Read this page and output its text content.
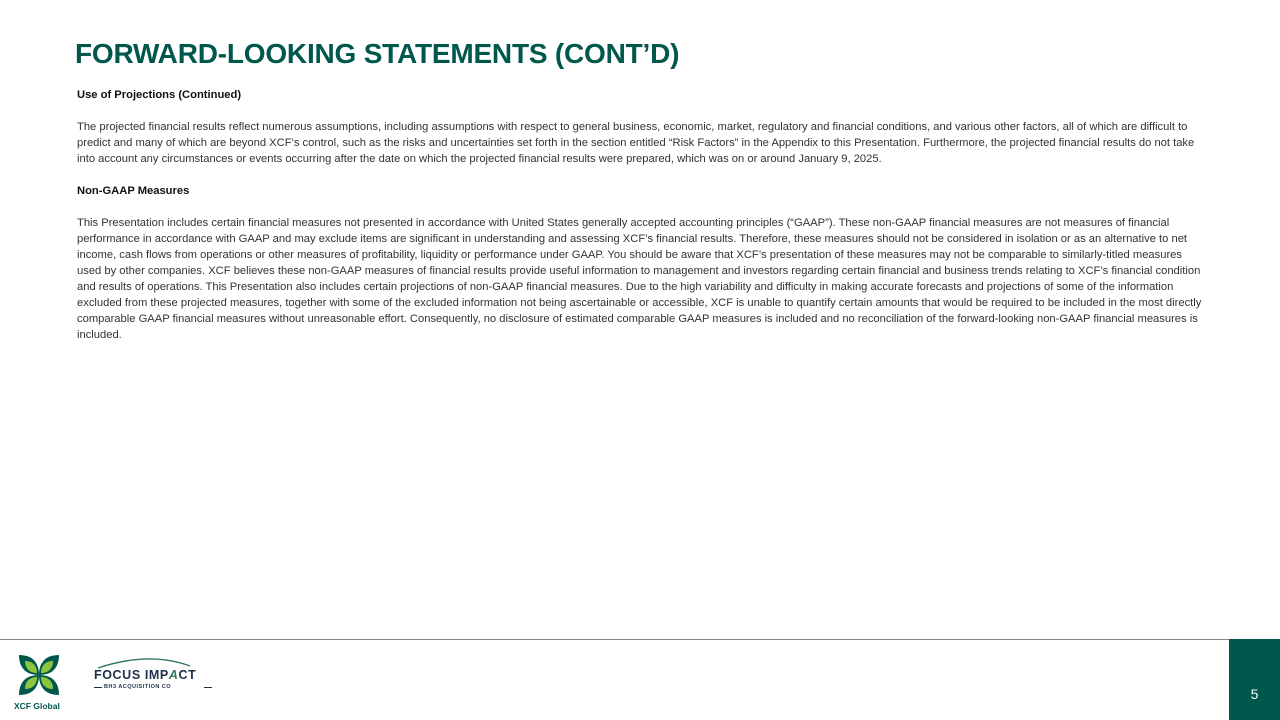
FORWARD-LOOKING STATEMENTS (CONT’D)
Use of Projections (Continued)

The projected financial results reflect numerous assumptions, including assumptions with respect to general business, economic, market, regulatory and financial conditions, and various other factors, all of which are difficult to predict and many of which are beyond XCF’s control, such as the risks and uncertainties set forth in the section entitled “Risk Factors” in the Appendix to this Presentation. Furthermore, the projected financial results do not take into account any circumstances or events occurring after the date on which the projected financial results were prepared, which was on or around January 9, 2025.

Non-GAAP Measures

This Presentation includes certain financial measures not presented in accordance with United States generally accepted accounting principles (“GAAP”). These non-GAAP financial measures are not measures of financial performance in accordance with GAAP and may exclude items are significant in understanding and assessing XCF’s financial results. Therefore, these measures should not be considered in isolation or as an alternative to net income, cash flows from operations or other measures of profitability, liquidity or performance under GAAP. You should be aware that XCF’s presentation of these measures may not be comparable to similarly-titled measures used by other companies. XCF believes these non-GAAP measures of financial results provide useful information to management and investors regarding certain financial and business trends relating to XCF’s financial condition and results of operations. This Presentation also includes certain projections of non-GAAP financial measures. Due to the high variability and difficulty in making accurate forecasts and projections of some of the information excluded from these projected measures, together with some of the excluded information not being ascertainable or accessible, XCF is unable to quantify certain amounts that would be required to be included in the most directly comparable GAAP financial measures without unreasonable effort. Consequently, no disclosure of estimated comparable GAAP measures is included and no reconciliation of the forward-looking non-GAAP financial measures is included.

XCF Global
FOCUS IMPACT
BH3 ACQUISITION CO	5
